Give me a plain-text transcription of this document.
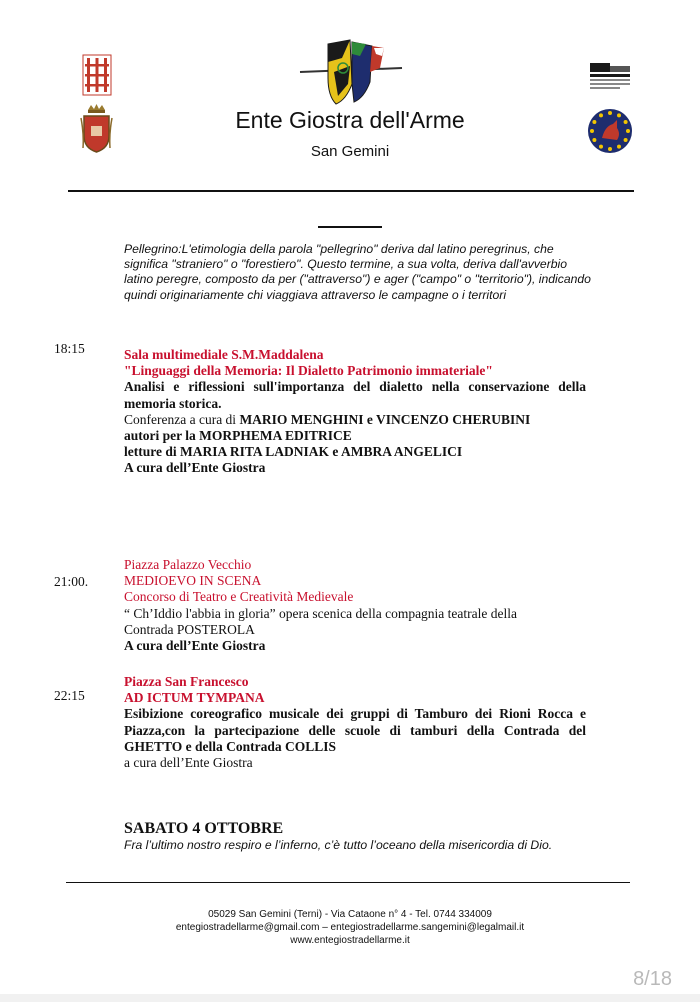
Ente Giostra dell'Arme
San Gemini

Pellegrino:L'etimologia della parola "pellegrino" deriva dal latino peregrinus, che significa "straniero" o "forestiero". Questo termine, a sua volta, deriva dall'avverbio latino peregre, composto da per ("attraverso") e ager ("campo" o "territorio"), indicando quindi originariamente chi viaggiava attraverso le campagne o i territori

18:15	Sala multimediale S.M.Maddalena
"Linguaggi della Memoria: Il Dialetto Patrimonio immateriale"
Analisi e riflessioni sull'importanza del dialetto nella conservazione della memoria storica.
Conferenza a cura di MARIO MENGHINI e VINCENZO CHERUBINI
autori per la MORPHEMA EDITRICE
letture di MARIA RITA LADNIAK e AMBRA ANGELICI
A cura dell’Ente Giostra
21:00.
Piazza Palazzo Vecchio
MEDIOEVO IN SCENA
Concorso di Teatro e Creatività Medievale
“ Ch’Iddio l'abbia in gloria” opera scenica della compagnia teatrale della
Contrada POSTEROLA
A cura dell’Ente Giostra
22:15
Piazza San Francesco
AD ICTUM TYMPANA
Esibizione coreografico musicale dei gruppi di Tamburo dei Rioni Rocca e Piazza,con la partecipazione delle scuole di tamburi della Contrada del GHETTO e della Contrada COLLIS
a cura dell’Ente Giostra
SABATO 4 OTTOBRE

Fra l’ultimo nostro respiro e l’inferno, c’è tutto l’oceano della misericordia di Dio.

05029 San Gemini (Terni) - Via Cataone n° 4 - Tel. 0744 334009
entegiostradellarme@gmail.com – entegiostradellarme.sangemini@legalmail.it
www.entegiostradellarme.it
8/18
